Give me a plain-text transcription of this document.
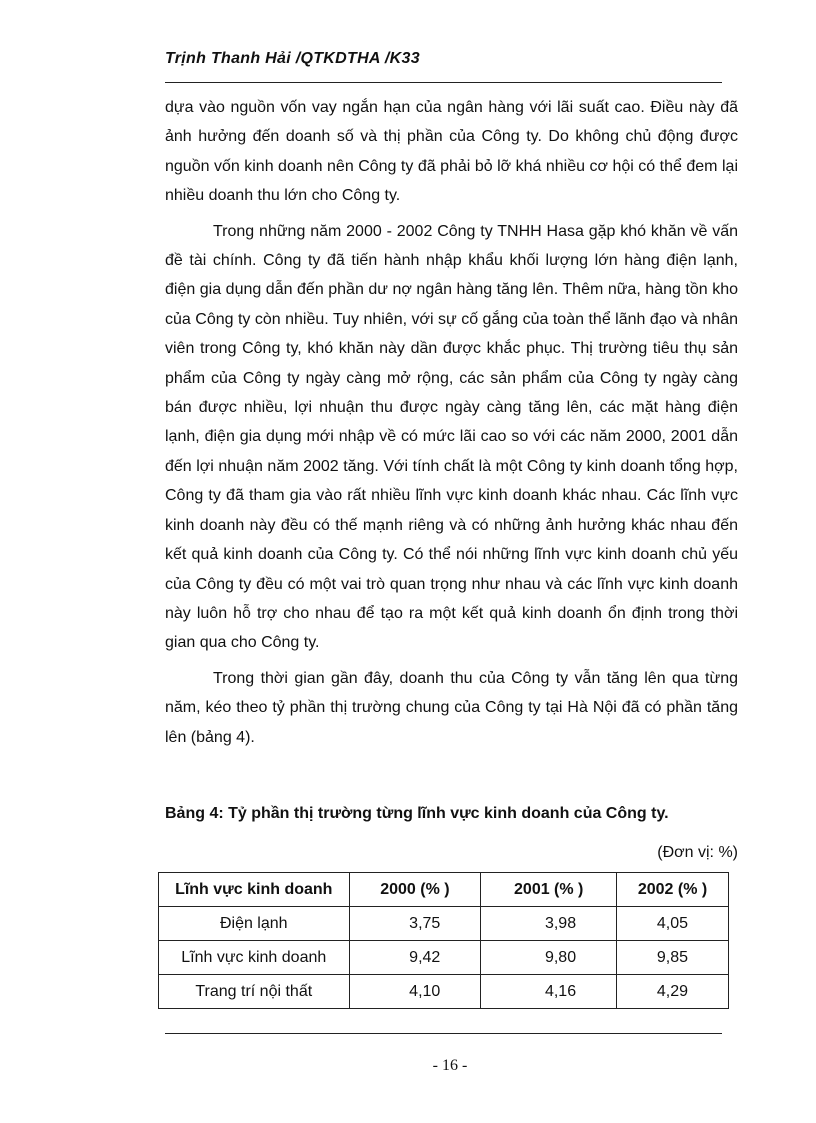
Trịnh Thanh Hải /QTKDTHA /K33

dựa vào nguồn vốn vay ngắn hạn của ngân hàng với lãi suất cao. Điều này đã ảnh hưởng đến doanh số và thị phần của Công ty. Do không chủ động được nguồn vốn kinh doanh nên Công ty đã phải bỏ lỡ khá nhiều cơ hội có thể đem lại nhiều doanh thu lớn cho Công ty.

Trong những năm 2000 - 2002 Công ty TNHH Hasa gặp khó khăn về vấn đề tài chính. Công ty đã tiến hành nhập khẩu khối lượng lớn hàng điện lạnh, điện gia dụng dẫn đến phần dư nợ ngân hàng tăng lên. Thêm nữa, hàng tồn kho của Công ty còn nhiều. Tuy nhiên, với sự cố gắng của toàn thể lãnh đạo và nhân viên trong Công ty, khó khăn này dần được khắc phục. Thị trường tiêu thụ sản phẩm của Công ty ngày càng mở rộng, các sản phẩm của Công ty ngày càng bán được nhiều, lợi nhuận thu được ngày càng tăng lên, các mặt hàng điện lạnh, điện gia dụng mới nhập về có mức lãi cao so với các năm 2000, 2001 dẫn đến lợi nhuận năm 2002 tăng. Với tính chất là một Công ty kinh doanh tổng hợp, Công ty đã tham gia vào rất nhiều lĩnh vực kinh doanh khác nhau. Các lĩnh vực kinh doanh này đều có thế mạnh riêng và có những ảnh hưởng khác nhau đến kết quả kinh doanh của Công ty. Có thể nói những lĩnh vực kinh doanh chủ yếu của Công ty đều có một vai trò quan trọng như nhau và các lĩnh vực kinh doanh này luôn hỗ trợ cho nhau để tạo ra một kết quả kinh doanh ổn định trong thời gian qua cho Công ty.

Trong thời gian gần đây, doanh thu của Công ty vẫn tăng lên qua từng năm, kéo theo tỷ phần thị trường chung của Công ty tại Hà Nội đã có phần tăng lên (bảng 4).

Bảng 4: Tỷ phần thị trường từng lĩnh vực kinh doanh của Công ty.
(Đơn vị: %)
Lĩnh vực kinh doanh	2000 (% )	2001 (% )	2002 (% )
Điện lạnh	3,75	3,98	4,05
Lĩnh vực kinh doanh	9,42	9,80	9,85
Trang trí nội thất	4,10	4,16	4,29
- 16 -
